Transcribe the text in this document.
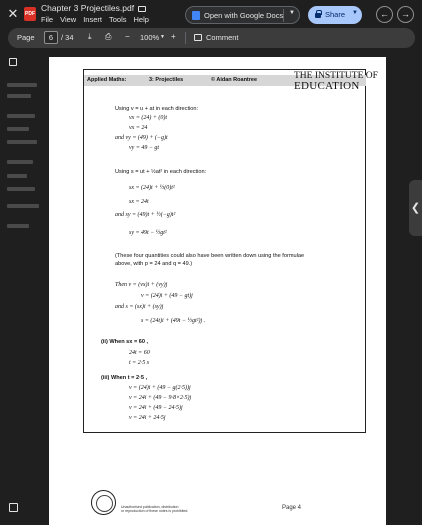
✕	PDF
Chapter 3 Projectiles.pdf
File View Insert Tools Help	Open with Google Docs ▼	Share ▼	←	→
Page	6	/ 34 ⤓ ⎙ − 100% ▼ +	Comment
❮
Applied Maths:	3: Projectiles	© Aidan Roantree	THE INSTITUTE OF
EDUCATION
Using v = u + at in each direction:
vx = (24) + (0)t
vx = 24
and vy = (49) + (−g)t
vy = 49 − gt
Using s = ut + ½at² in each direction:
sx = (24)t + ½(0)t²
sx = 24t
and sy = (49)t + ½(−g)t²
sy = 49t − ½gt²
(These four quantities could also have been written down using the formulae
above, with p = 24 and q = 49.)
Then v = (vx)i + (vy)j
v = (24)i + (49 − gt)j
and s = (sx)i + (sy)j
s = (24t)i + (49t − ½gt²)j .
(ii) When sx = 60 ,
24t = 60
t = 2·5 s
(iii) When t = 2·5 ,
v = (24)i + (49 − g(2·5))j
v = 24i + (49 − 9·8×2·5)j
v = 24i + (49 − 24·5)j
v = 24i + 24·5j
Unauthorised publication, distribution
or reproduction of these notes is prohibited.	Page 4
